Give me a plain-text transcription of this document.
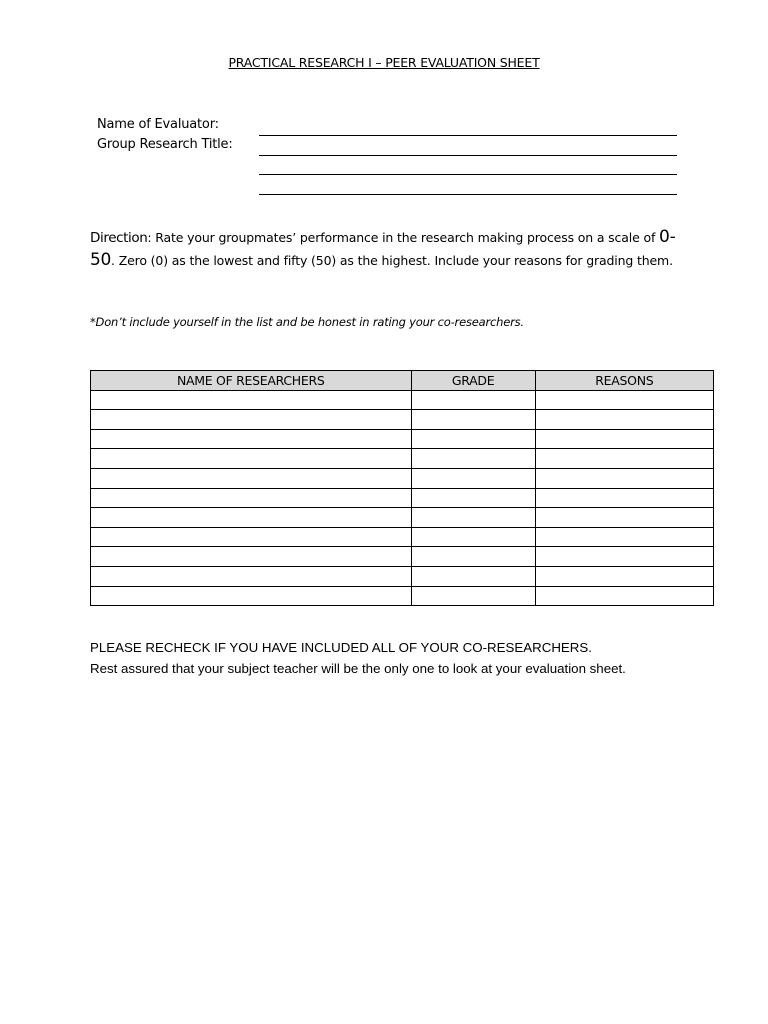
PRACTICAL RESEARCH I – PEER EVALUATION SHEET
Name of Evaluator:
Group Research Title:
Direction: Rate your groupmates’ performance in the research making process on a scale of 0-50. Zero (0) as the lowest and fifty (50) as the highest. Include your reasons for grading them.
*Don’t include yourself in the list and be honest in rating your co-researchers.
NAME OF RESEARCHERS	GRADE	REASONS

PLEASE RECHECK IF YOU HAVE INCLUDED ALL OF YOUR CO-RESEARCHERS.
Rest assured that your subject teacher will be the only one to look at your evaluation sheet.
